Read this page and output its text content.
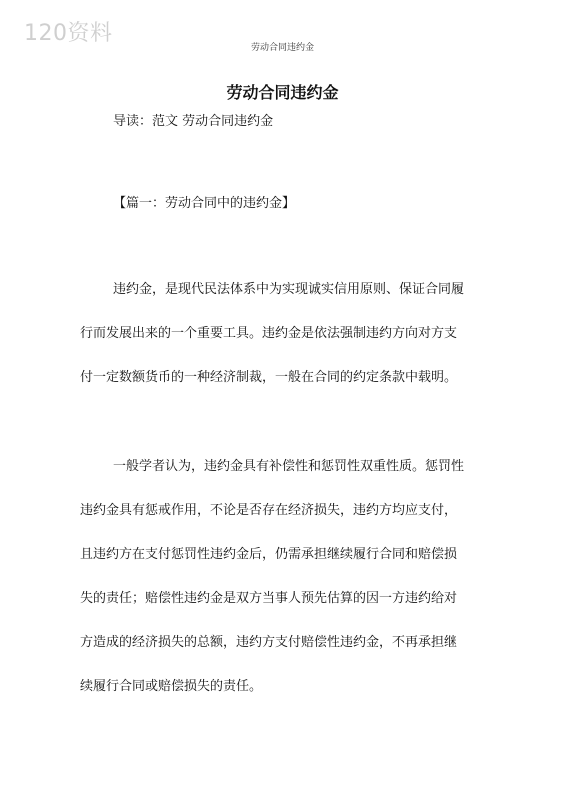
120资料
劳动合同违约金
劳动合同违约金
导读：范文 劳动合同违约金
【篇一：劳动合同中的违约金】
违约金，是现代民法体系中为实现诚实信用原则、保证合同履
行而发展出来的一个重要工具。违约金是依法强制违约方向对方支
付一定数额货币的一种经济制裁，一般在合同的约定条款中载明。
一般学者认为，违约金具有补偿性和惩罚性双重性质。惩罚性
违约金具有惩戒作用，不论是否存在经济损失，违约方均应支付，
且违约方在支付惩罚性违约金后，仍需承担继续履行合同和赔偿损
失的责任；赔偿性违约金是双方当事人预先估算的因一方违约给对
方造成的经济损失的总额，违约方支付赔偿性违约金，不再承担继
续履行合同或赔偿损失的责任。
